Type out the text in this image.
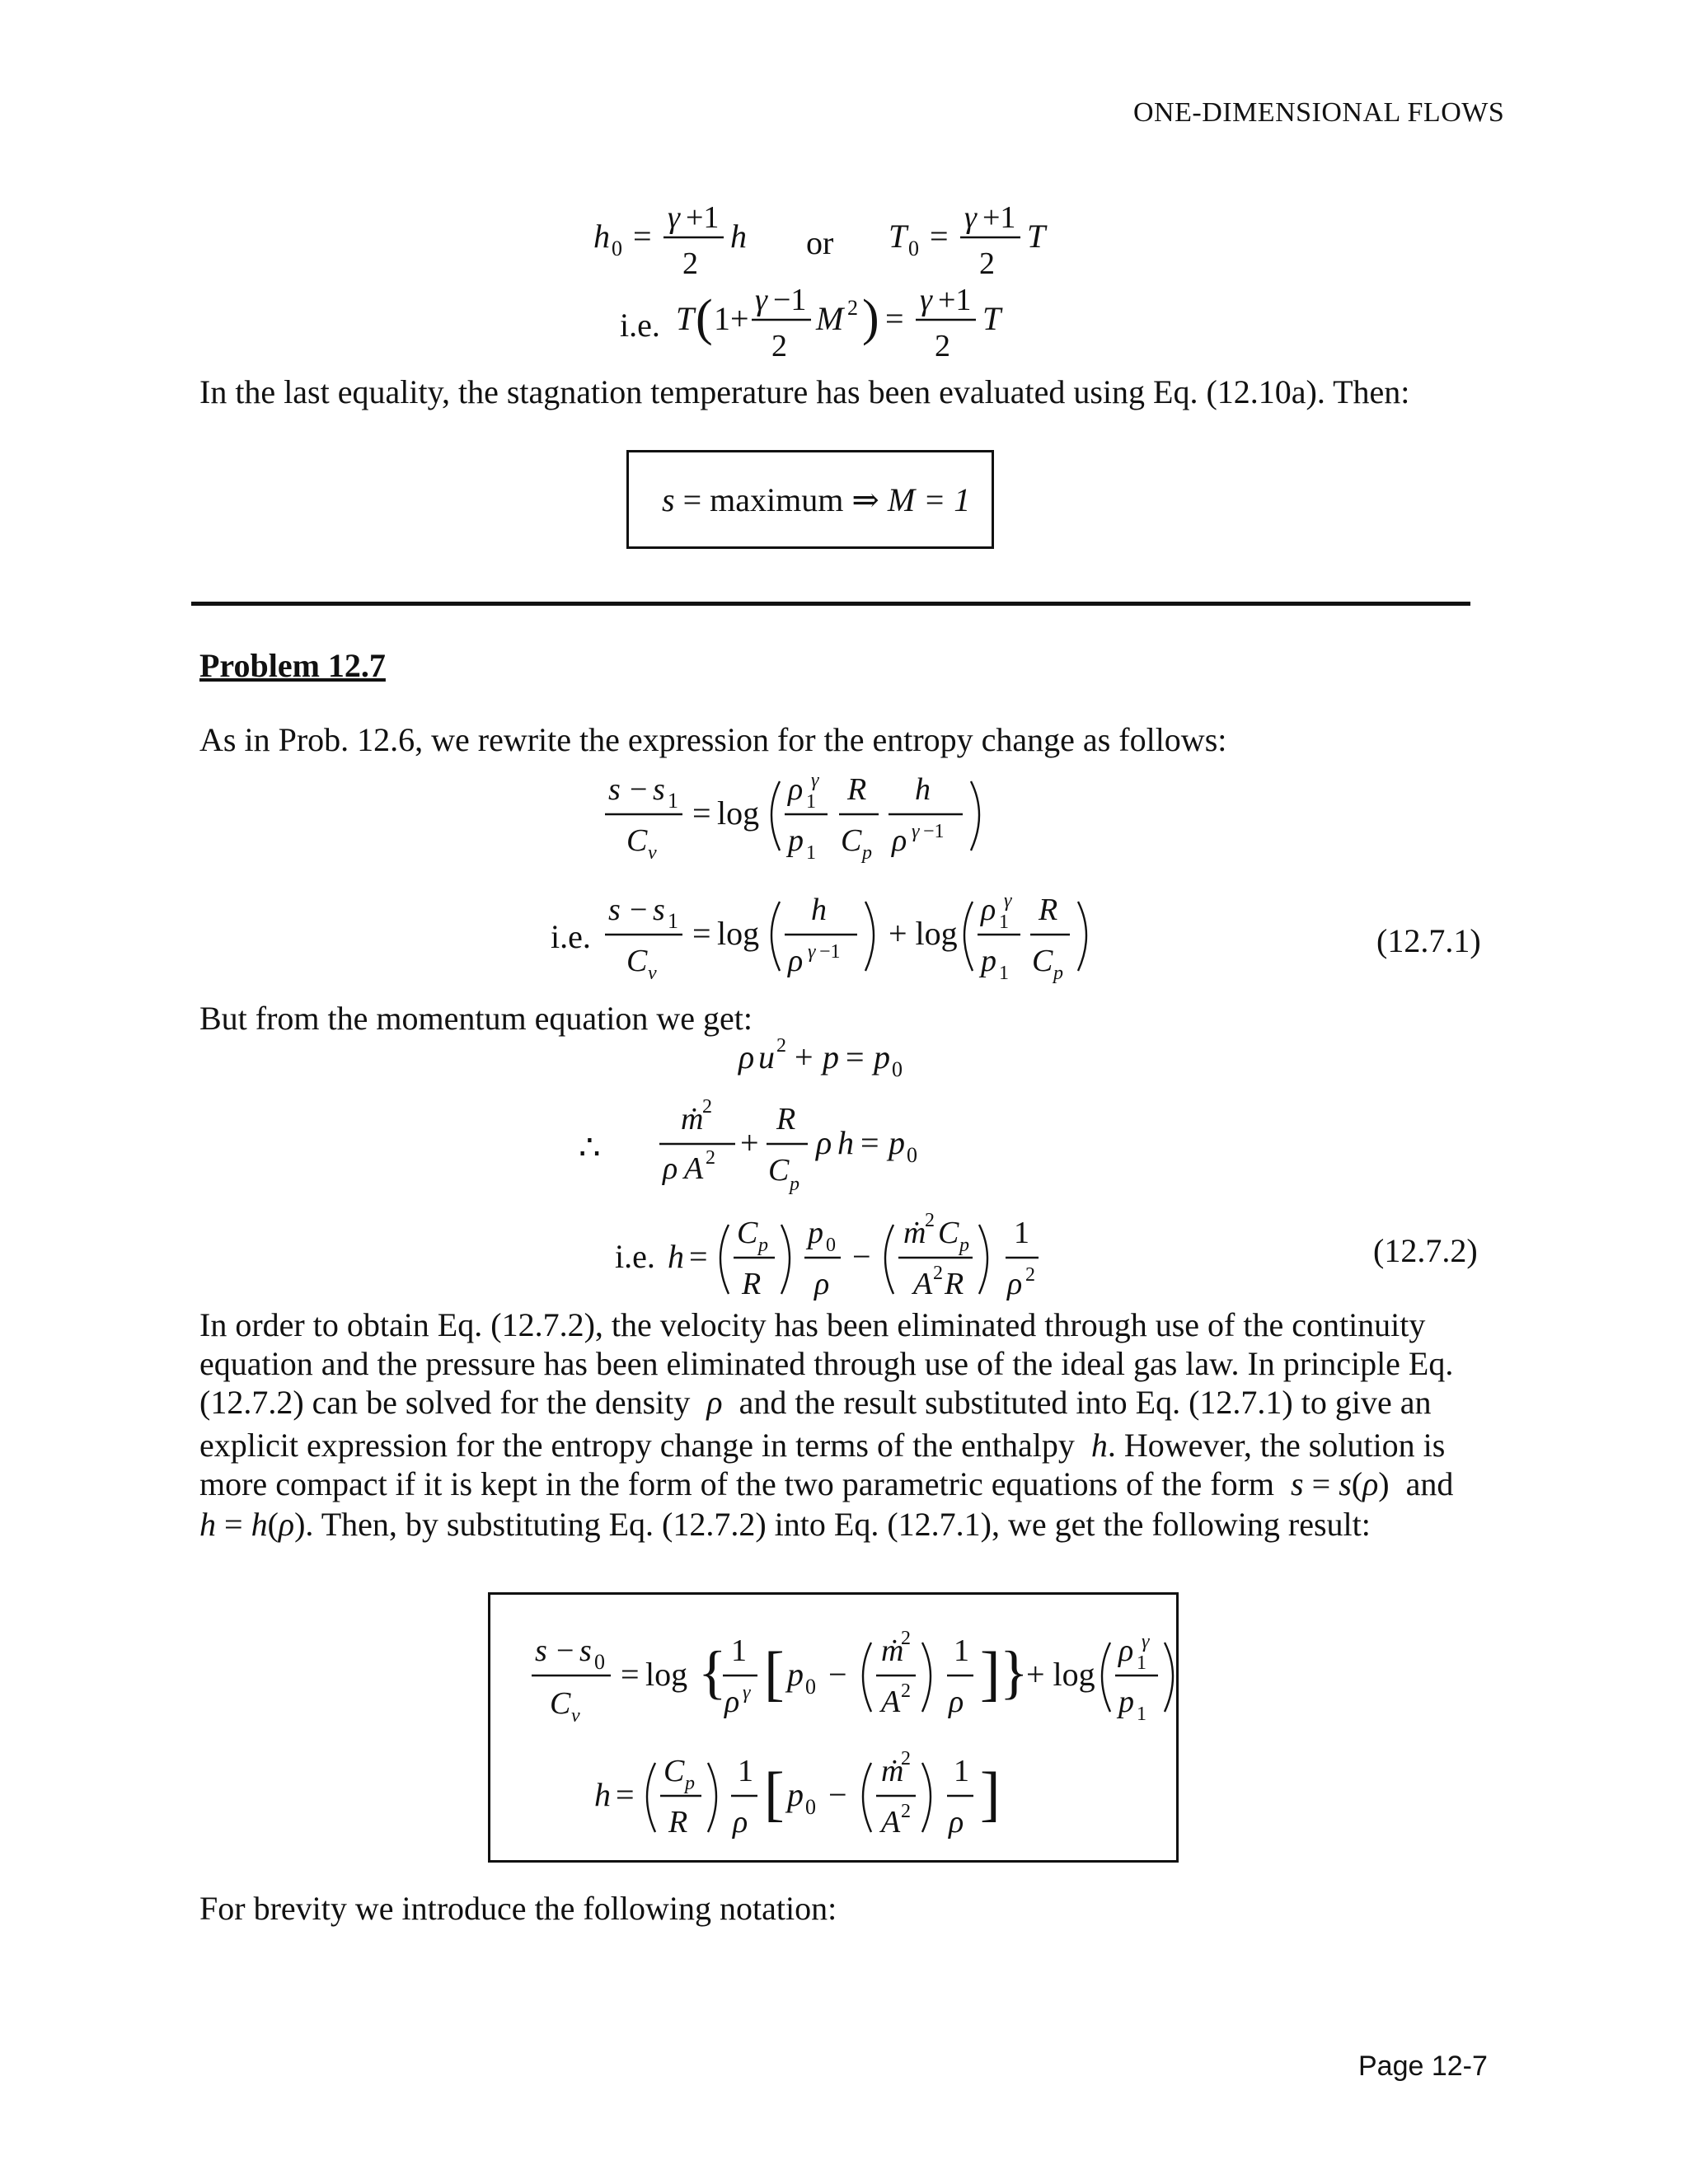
ONE-DIMENSIONAL FLOWS
h 0 = γ +1
2
h	T 0 = γ +1
2
T
or
i.e. T ( 1+ γ −1
2
M 2 ) = γ +1
2
T
In the last equality, the stagnation temperature has been evaluated using Eq. (12.10a). Then:
s = maximum ⇒ M = 1
Problem 12.7
As in Prob. 12.6, we rewrite the expression for the entropy change as follows:
s − s 1
C v
= log
ρ 1
γ
p 1
R
C p
h
ρ γ −1
i.e.
s − s 1
C v
= log
h
ρ γ −1 + log
ρ 1
γ
p 1
R
C p
(12.7.1)
But from the momentum equation we get:
ρ u 2 + p = p 0
∴
ṁ
2
ρ A 2 +
R
C p
ρ h = p 0
i.e. h =
C p
R
p 0
ρ
−
ṁ
2 C p
A 2 R
1
ρ 2
(12.7.2)
In order to obtain Eq. (12.7.2), the velocity has been eliminated through use of the continuity
equation and the pressure has been eliminated through use of the ideal gas law. In principle Eq.
(12.7.2) can be solved for the density  ρ  and the result substituted into Eq. (12.7.1) to give an
explicit expression for the entropy change in terms of the enthalpy  h. However, the solution is
more compact if it is kept in the form of the two parametric equations of the form s = s(ρ)  and
h = h(ρ). Then, by substituting Eq. (12.7.2) into Eq. (12.7.1), we get the following result:
s − s 0
C v
= log { 1
ρ γ [ p 0 −
ṁ
2
A 2
1
ρ ] }
+ log
ρ 1
γ
p 1
h =
C p
R
1
ρ [ p 0 −
ṁ
2
A 2
1
ρ ]
For brevity we introduce the following notation:
Page 12-7
